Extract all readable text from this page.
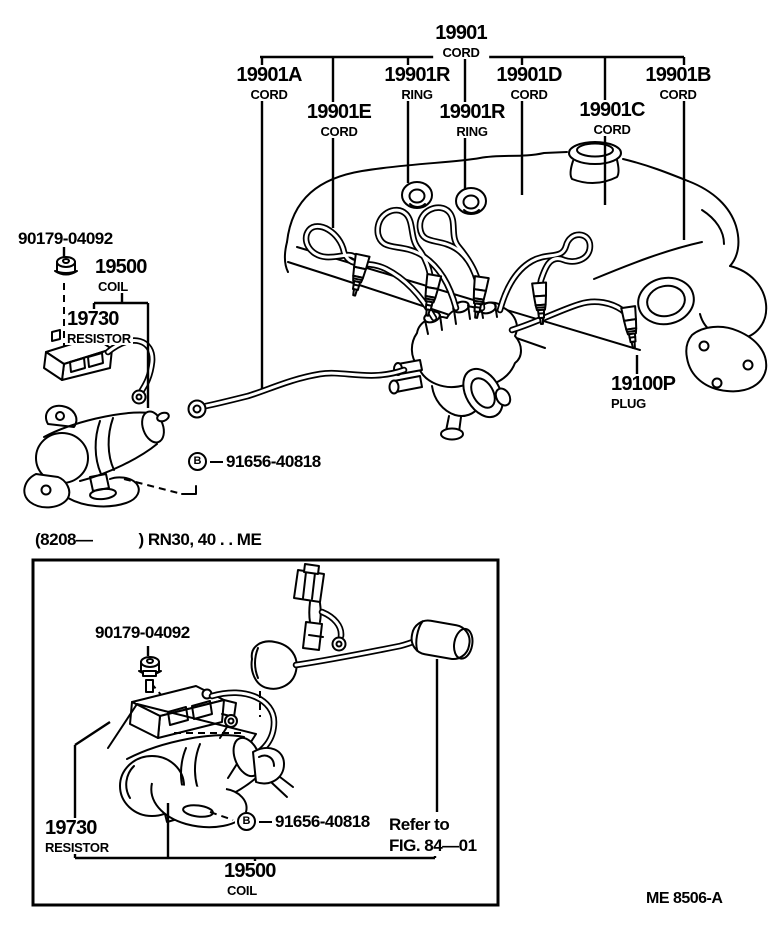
19901
CORD
19901A
CORD
19901R
RING
19901D
CORD
19901B
CORD
19901E
CORD
19901R
RING
19901C
CORD
90179-04092
19500
COIL
19730
RESISTOR
B	91656-40818
19100P
PLUG
(8208—	) RN30, 40 . . ME
90179-04092
B	91656-40818 Refer to
FIG. 84—01
19730
RESISTOR
19500
COIL	ME 8506-A
